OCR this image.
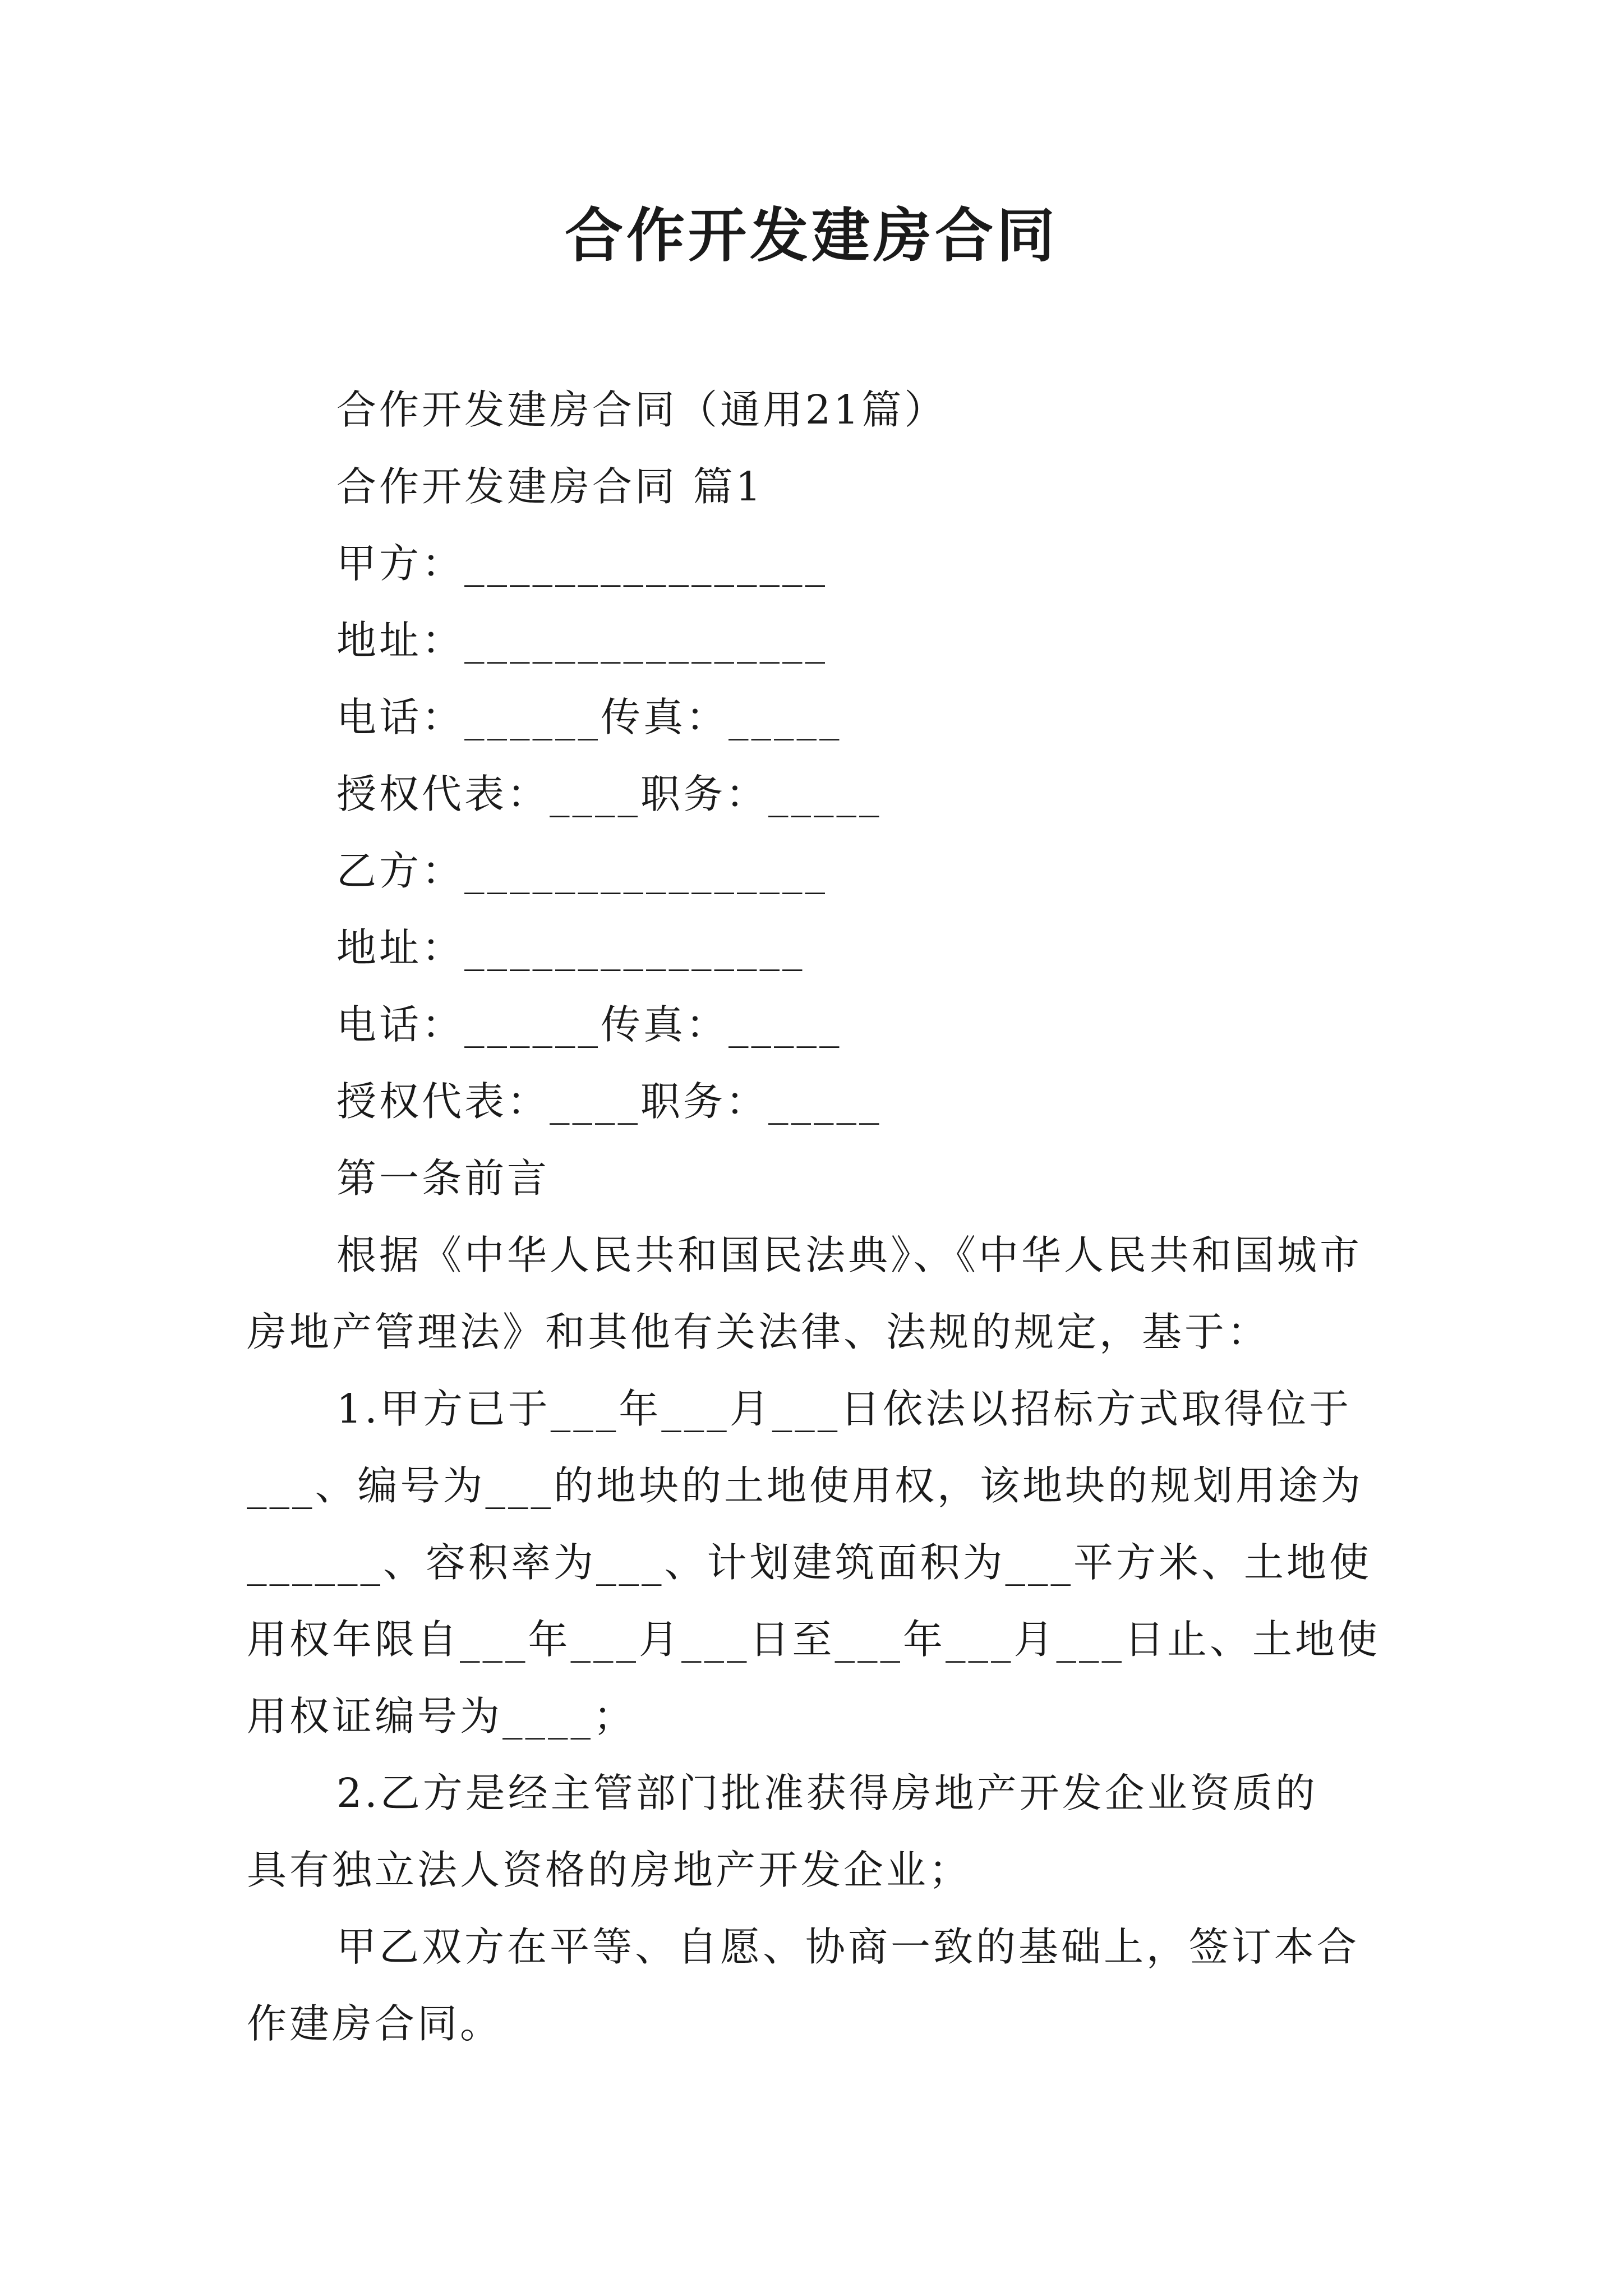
合作开发建房合同
合作开发建房合同（通用21篇）
合作开发建房合同 篇1
甲方：________________
地址：________________
电话：______传真：_____
授权代表：____职务：_____
乙方：________________
地址：_______________
电话：______传真：_____
授权代表：____职务：_____
第一条前言
根据《中华人民共和国民法典》、《中华人民共和国城市
房地产管理法》和其他有关法律、法规的规定，基于：
1.甲方已于___年___月___日依法以招标方式取得位于
___、编号为___的地块的土地使用权，该地块的规划用途为
______、容积率为___、计划建筑面积为___平方米、土地使
用权年限自___年___月___日至___年___月___日止、土地使
用权证编号为____；
2.乙方是经主管部门批准获得房地产开发企业资质的
具有独立法人资格的房地产开发企业；
甲乙双方在平等、自愿、协商一致的基础上，签订本合
作建房合同。
